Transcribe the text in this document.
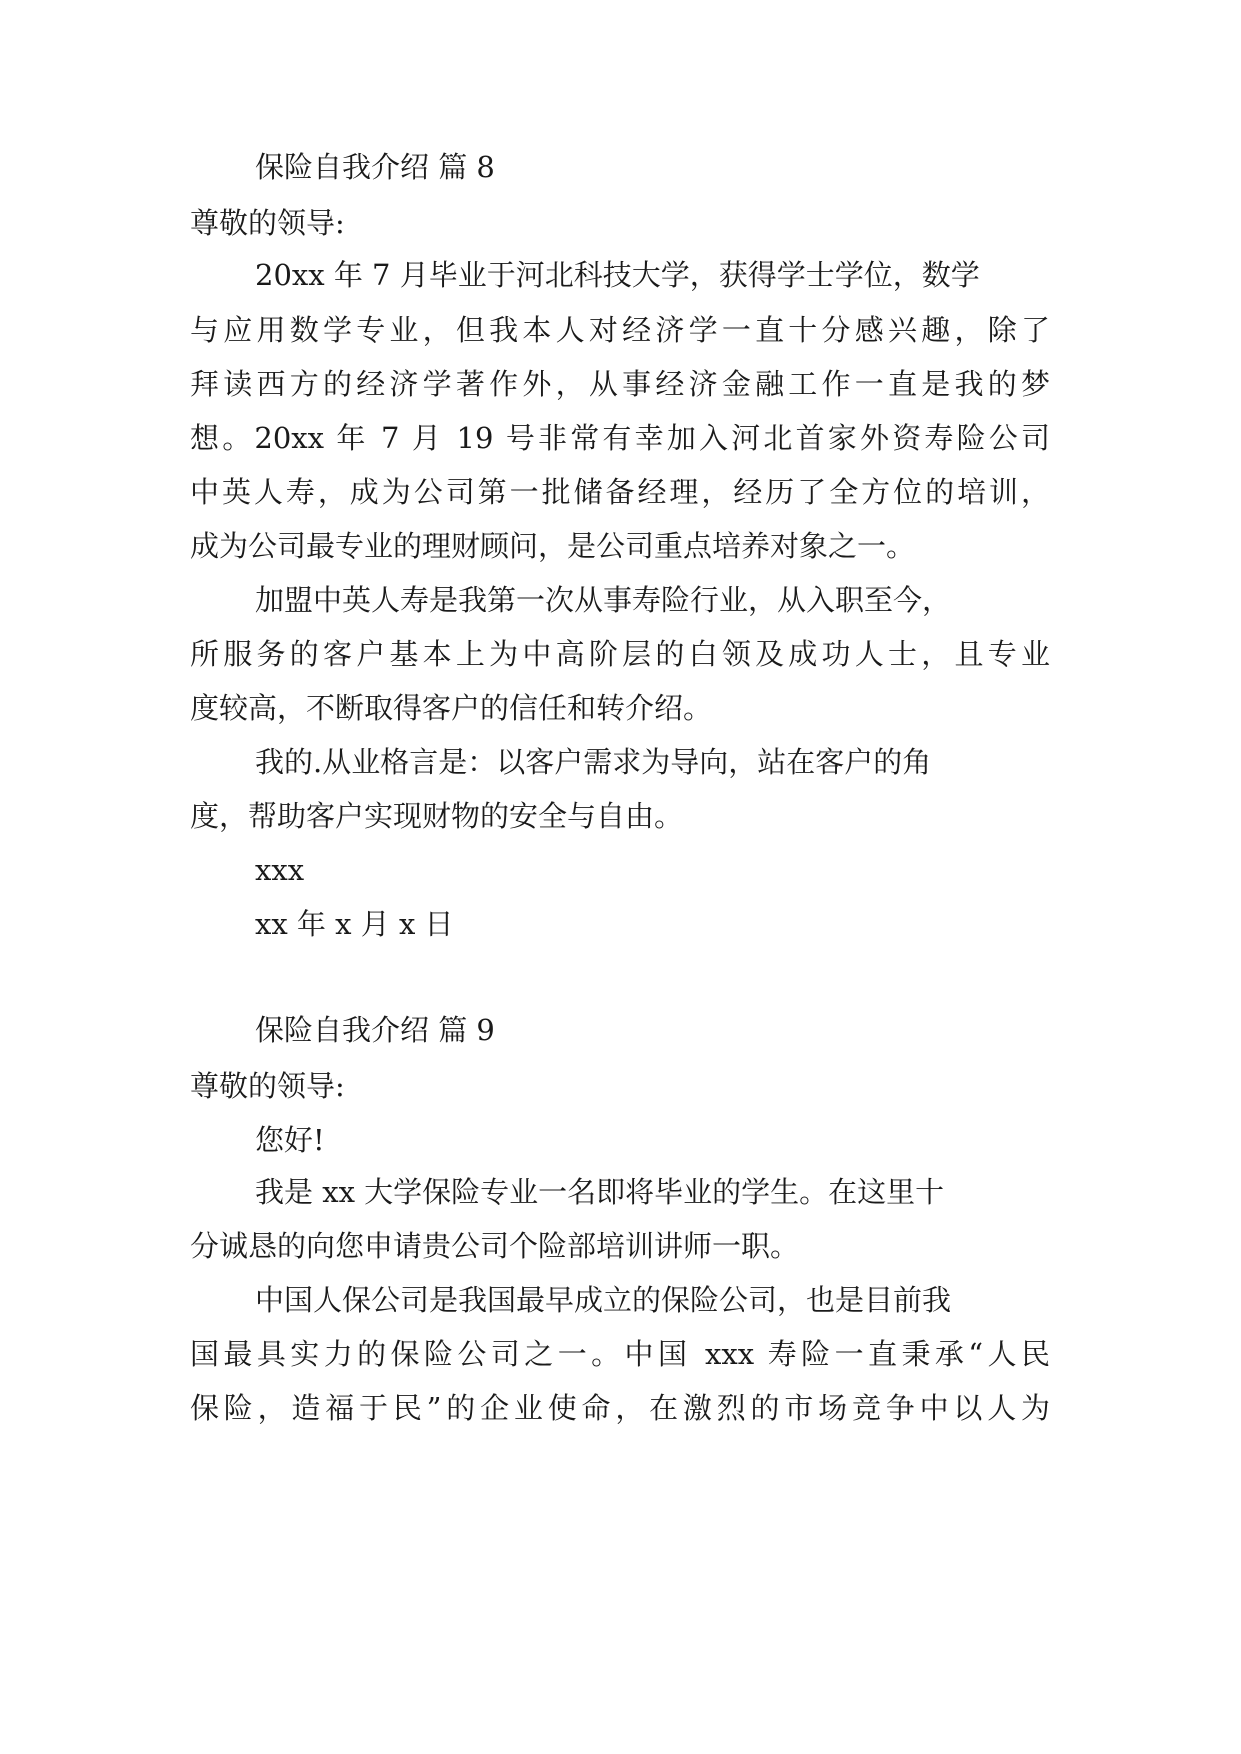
保险自我介绍 篇 8
尊敬的领导:
20xx 年 7 月毕业于河北科技大学，获得学士学位，数学
与应用数学专业，但我本人对经济学一直十分感兴趣，除了
拜读西方的经济学著作外，从事经济金融工作一直是我的梦
想。20xx 年 7 月 19 号非常有幸加入河北首家外资寿险公司
中英人寿，成为公司第一批储备经理，经历了全方位的培训，
成为公司最专业的理财顾问，是公司重点培养对象之一。
加盟中英人寿是我第一次从事寿险行业，从入职至今，
所服务的客户基本上为中高阶层的白领及成功人士，且专业
度较高，不断取得客户的信任和转介绍。
我的.从业格言是：以客户需求为导向，站在客户的角
度，帮助客户实现财物的安全与自由。
xxx
xx 年 x 月 x 日
保险自我介绍 篇 9
尊敬的领导:
您好!
我是 xx 大学保险专业一名即将毕业的学生。在这里十
分诚恳的向您申请贵公司个险部培训讲师一职。
中国人保公司是我国最早成立的保险公司，也是目前我
国最具实力的保险公司之一。中国 xxx 寿险一直秉承“人民
保险，造福于民”的企业使命，在激烈的市场竞争中以人为
